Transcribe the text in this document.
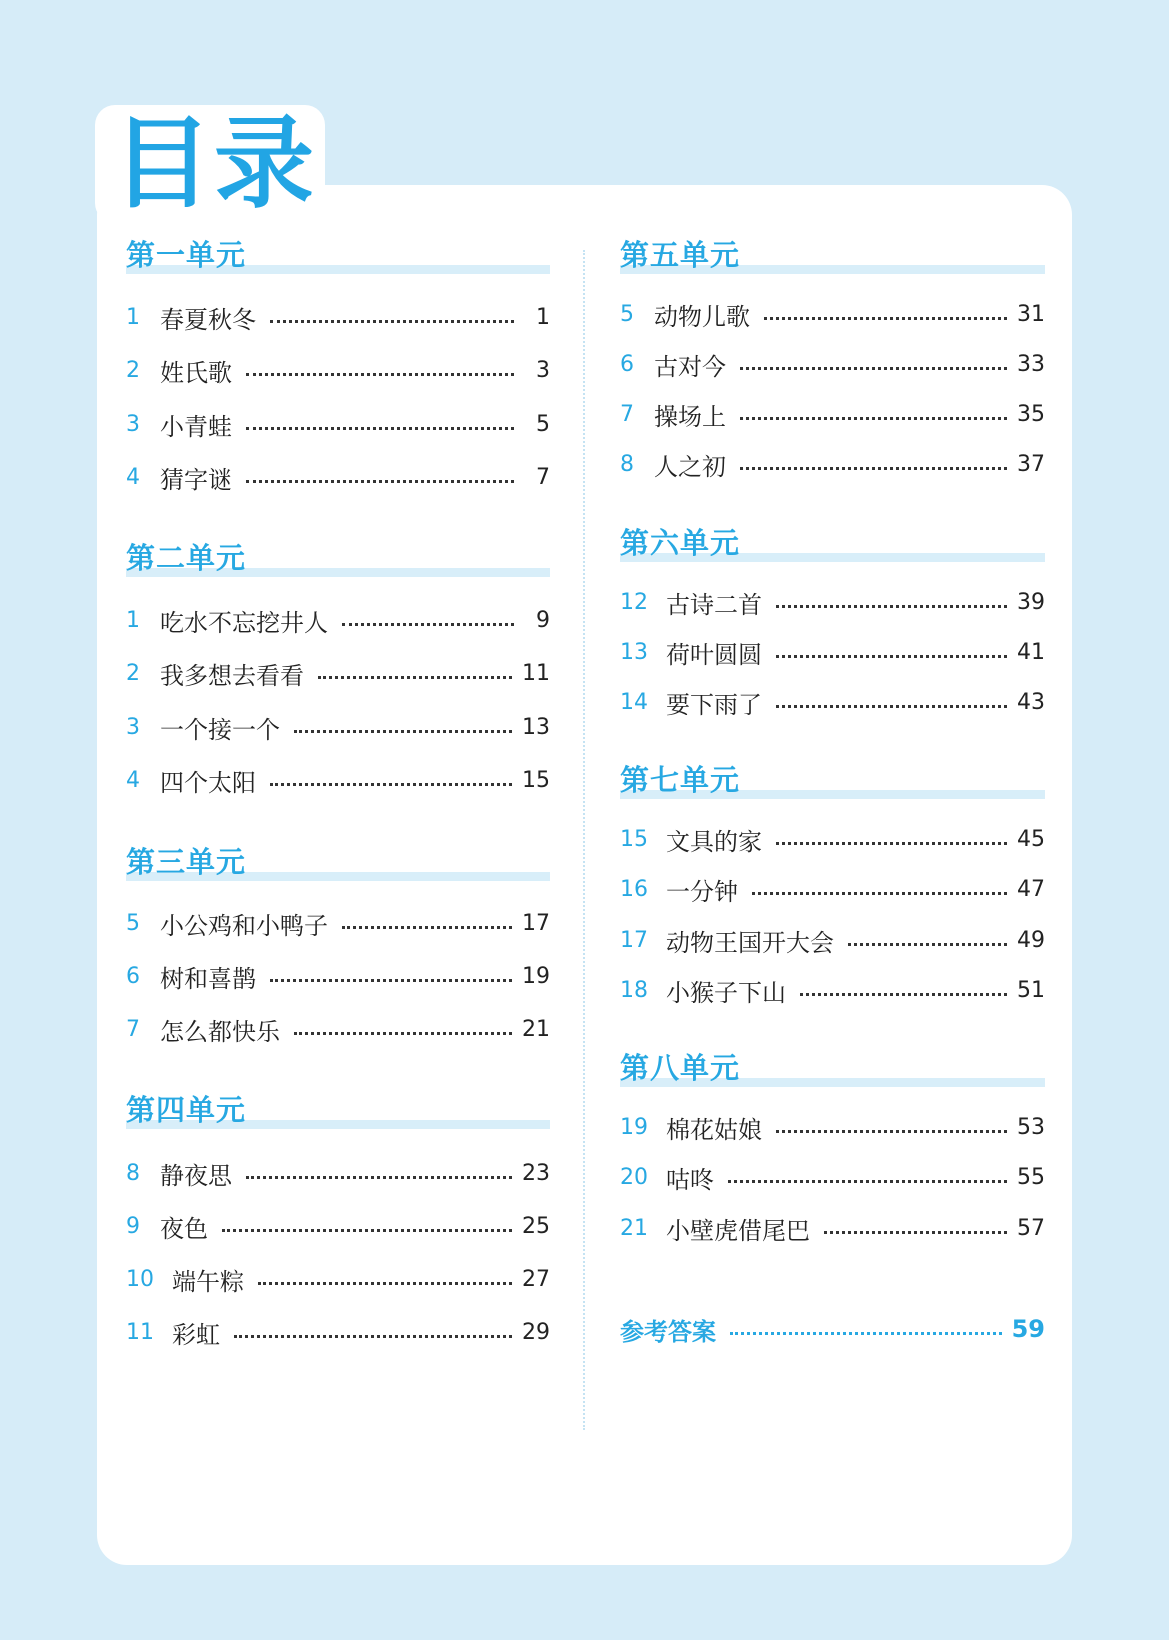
目录
第一单元
1 春夏秋冬	1
2 姓氏歌	3
3 小青蛙	5
4 猜字谜	7
第二单元
1 吃水不忘挖井人	9
2 我多想去看看	11
3 一个接一个	13
4 四个太阳	15
第三单元
5 小公鸡和小鸭子	17
6 树和喜鹊	19
7 怎么都快乐	21
第四单元
8 静夜思	23
9 夜色	25
10 端午粽	27
11 彩虹	29
第五单元
5 动物儿歌	31
6 古对今	33
7 操场上	35
8 人之初	37
第六单元
12 古诗二首	39
13 荷叶圆圆	41
14 要下雨了	43
第七单元
15 文具的家	45
16 一分钟	47
17 动物王国开大会	49
18 小猴子下山	51
第八单元
19 棉花姑娘	53
20 咕咚	55
21 小壁虎借尾巴	57
参考答案	59
